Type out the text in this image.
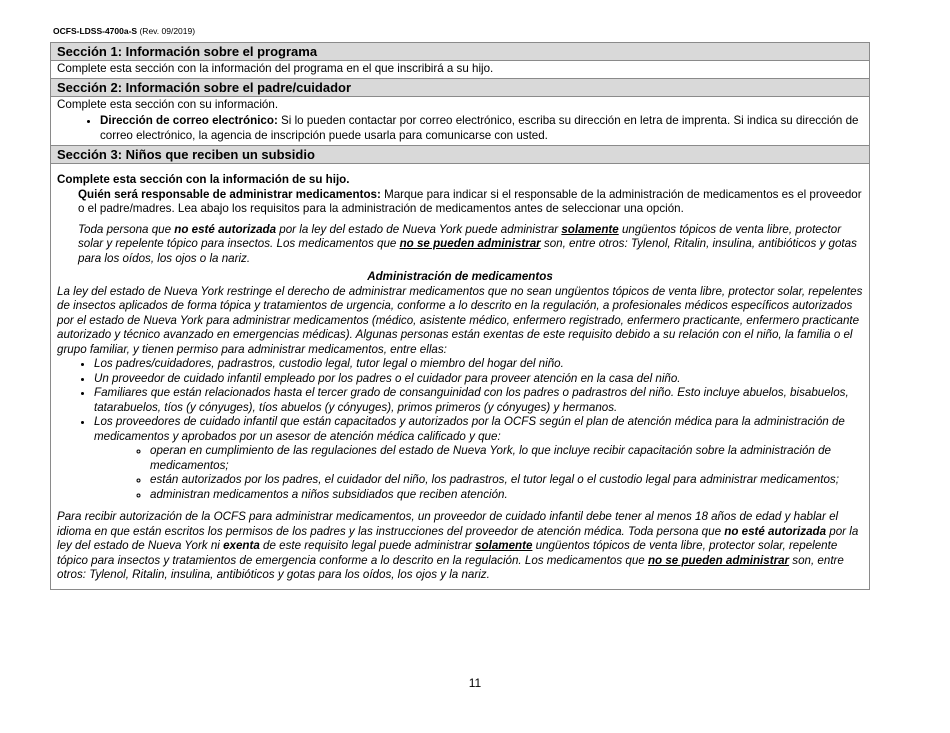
OCFS-LDSS-4700a-S (Rev. 09/2019)
Sección 1: Información sobre el programa
Complete esta sección con la información del programa en el que inscribirá a su hijo.
Sección 2: Información sobre el padre/cuidador
Complete esta sección con su información.
• Dirección de correo electrónico: Si lo pueden contactar por correo electrónico, escriba su dirección en letra de imprenta. Si indica su dirección de correo electrónico, la agencia de inscripción puede usarla para comunicarse con usted.
Sección 3: Niños que reciben un subsidio
Complete esta sección con la información de su hijo.
Quién será responsable de administrar medicamentos: Marque para indicar si el responsable de la administración de medicamentos es el proveedor o el padre/madres. Lea abajo los requisitos para la administración de medicamentos antes de seleccionar una opción.
Toda persona que no esté autorizada por la ley del estado de Nueva York puede administrar solamente ungüentos tópicos de venta libre, protector solar y repelente tópico para insectos. Los medicamentos que no se pueden administrar son, entre otros: Tylenol, Ritalin, insulina, antibióticos y gotas para los oídos, los ojos o la nariz.
Administración de medicamentos
La ley del estado de Nueva York restringe el derecho de administrar medicamentos que no sean ungüentos tópicos de venta libre, protector solar, repelentes de insectos aplicados de forma tópica y tratamientos de urgencia, conforme a lo descrito en la regulación, a profesionales médicos específicos autorizados por el estado de Nueva York para administrar medicamentos (médico, asistente médico, enfermero registrado, enfermero practicante, enfermero practicante autorizado y técnico avanzado en emergencias médicas). Algunas personas están exentas de este requisito debido a su relación con el niño, la familia o el grupo familiar, y tienen permiso para administrar medicamentos, entre ellas:
• Los padres/cuidadores, padrastros, custodio legal, tutor legal o miembro del hogar del niño.
• Un proveedor de cuidado infantil empleado por los padres o el cuidador para proveer atención en la casa del niño.
• Familiares que están relacionados hasta el tercer grado de consanguinidad con los padres o padrastros del niño. Esto incluye abuelos, bisabuelos, tatarabuelos, tíos (y cónyuges), tíos abuelos (y cónyuges), primos primeros (y cónyuges) y hermanos.
• Los proveedores de cuidado infantil que están capacitados y autorizados por la OCFS según el plan de atención médica para la administración de medicamentos y aprobados por un asesor de atención médica calificado y que:
◦ operan en cumplimiento de las regulaciones del estado de Nueva York, lo que incluye recibir capacitación sobre la administración de medicamentos;
◦ están autorizados por los padres, el cuidador del niño, los padrastros, el tutor legal o el custodio legal para administrar medicamentos;
◦ administran medicamentos a niños subsidiados que reciben atención.
Para recibir autorización de la OCFS para administrar medicamentos, un proveedor de cuidado infantil debe tener al menos 18 años de edad y hablar el idioma en que están escritos los permisos de los padres y las instrucciones del proveedor de atención médica. Toda persona que no esté autorizada por la ley del estado de Nueva York ni exenta de este requisito legal puede administrar solamente ungüentos tópicos de venta libre, protector solar, repelente tópico para insectos y tratamientos de emergencia conforme a lo descrito en la regulación. Los medicamentos que no se pueden administrar son, entre otros: Tylenol, Ritalin, insulina, antibióticos y gotas para los oídos, los ojos y la nariz.
11
